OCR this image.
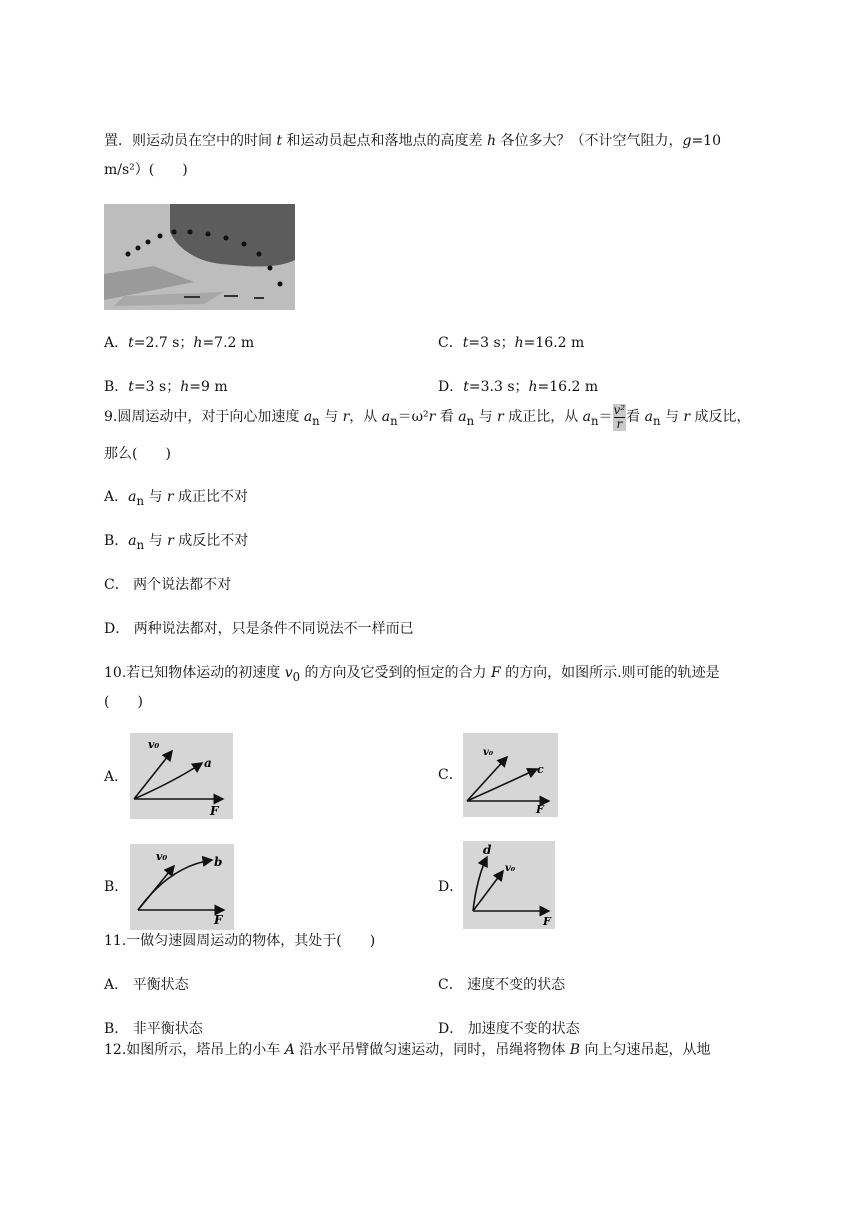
置．则运动员在空中的时间 t 和运动员起点和落地点的高度差 h 各位多大？（不计空气阻力，g=10
m/s²）(　　)
A．t=2.7 s；h=7.2 m	C．t=3 s；h=16.2 m
B．t=3 s；h=9 m	D．t=3.3 s；h=16.2 m
9.圆周运动中，对于向心加速度 $a_n$ 与 r，从 $a_n=\omega^2r$ 看 $a_n$ 与 r 成正比，从 $a_n= \frac{\text{v²}}{r}$ 看 $a_n$ 与 r 成反比，
那么(　　)
A．$a_n$ 与 r 成正比不对
B．$a_n$ 与 r 成反比不对
C． 两个说法都不对
D． 两种说法都对，只是条件不同说法不一样而已
10.若已知物体运动的初速度 $v_0$ 的方向及它受到的恒定的合力 F 的方向，如图所示.则可能的轨迹是
(　　)
A．
v₀
a
F
C．
v₀
c
F
B．
v₀	b
F
D．
v₀
d
F
11.一做匀速圆周运动的物体，其处于(　　)
A． 平衡状态	C． 速度不变的状态
B． 非平衡状态	D． 加速度不变的状态
12.如图所示，塔吊上的小车 A 沿水平吊臂做匀速运动，同时，吊绳将物体 B 向上匀速吊起，从地
